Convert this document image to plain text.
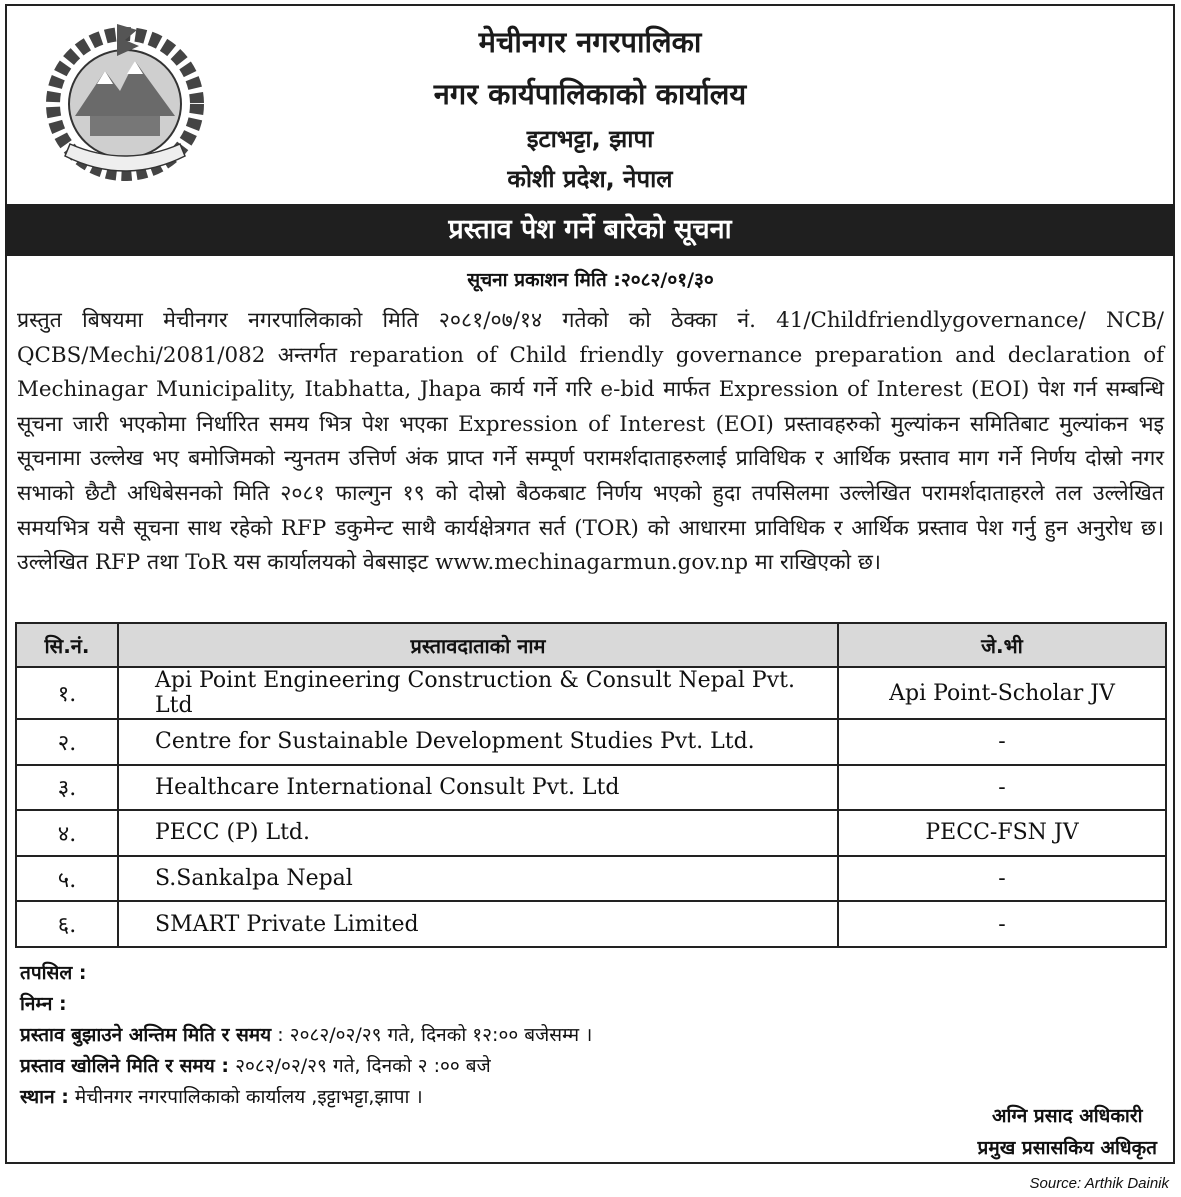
मेचीनगर नगरपालिका
नगर कार्यपालिकाको कार्यालय
इटाभट्टा, झापा
कोशी प्रदेश, नेपाल
प्रस्ताव पेश गर्ने बारेको सूचना
सूचना प्रकाशन मिति :२०८२/०१/३०
प्रस्तुत बिषयमा मेचीनगर नगरपालिकाको मिति २०८१/०७/१४ गतेको को ठेक्का नं. 41/Childfriendlygovernance/ NCB/ QCBS/Mechi/2081/082 अन्तर्गत reparation of Child friendly governance preparation and declaration of Mechinagar Municipality, Itabhatta, Jhapa कार्य गर्ने गरि e-bid मार्फत Expression of Interest (EOI) पेश गर्न सम्बन्धि सूचना जारी भएकोमा निर्धारित समय भित्र पेश भएका Expression of Interest (EOI) प्रस्तावहरुको मुल्यांकन समितिबाट मुल्यांकन भइ सूचनामा उल्लेख भए बमोजिमको न्युनतम उत्तिर्ण अंक प्राप्त गर्ने सम्पूर्ण परामर्शदाताहरुलाई प्राविधिक र आर्थिक प्रस्ताव माग गर्ने निर्णय दोस्रो नगर सभाको छैटौ अधिबेसनको मिति २०८१ फाल्गुन १९ को दोस्रो बैठकबाट निर्णय भएको हुदा तपसिलमा उल्लेखित परामर्शदाताहरले तल उल्लेखित समयभित्र यसै सूचना साथ रहेको RFP डकुमेन्ट साथै कार्यक्षेत्रगत सर्त (TOR) को आधारमा प्राविधिक र आर्थिक प्रस्ताव पेश गर्नु हुन अनुरोध छ। उल्लेखित RFP तथा ToR यस कार्यालयको वेबसाइट www.mechinagarmun.gov.np मा राखिएको छ।
सि.नं.	प्रस्तावदाताको नाम	जे.भी
१.	Api Point Engineering Construction & Consult Nepal Pvt. Ltd	Api Point-Scholar JV
२.	Centre for Sustainable Development Studies Pvt. Ltd.	-
३.	Healthcare International Consult Pvt. Ltd	-
४.	PECC (P) Ltd.	PECC-FSN JV
५.	S.Sankalpa Nepal	-
६.	SMART Private Limited	-
तपसिल :
निम्न :
प्रस्ताव बुझाउने अन्तिम मिति र समय : २०८२/०२/२९ गते, दिनको १२:०० बजेसम्म ।
प्रस्ताव खोलिने मिति र समय : २०८२/०२/२९ गते, दिनको २ :०० बजे
स्थान : मेचीनगर नगरपालिकाको कार्यालय ,इट्टाभट्टा,झापा ।
अग्नि प्रसाद अधिकारी
प्रमुख प्रसासकिय अधिकृत
Source: Arthik Dainik
